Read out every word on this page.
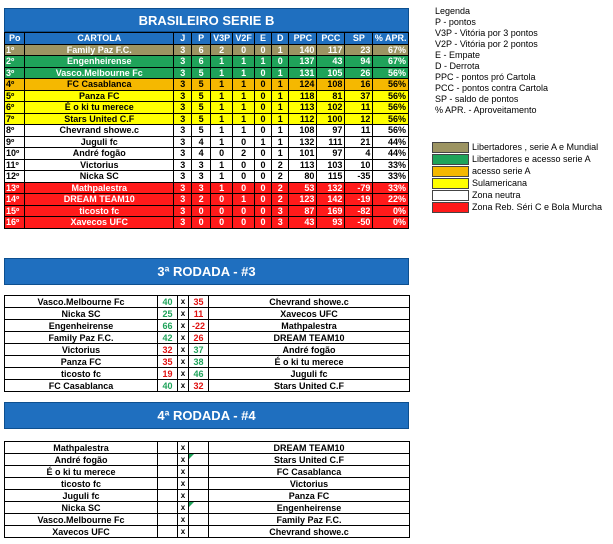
BRASILEIRO SERIE B
Po	CARTOLA	J	P	V3P	V2F	E	D	PPC	PCC	SP	% APR.
1º	Family Paz F.C.	3	6	2	0	0	1	140	117	23	67%
2º	Engenheirense	3	6	1	1	1	0	137	43	94	67%
3º	Vasco.Melbourne Fc	3	5	1	1	0	1	131	105	26	56%
4º	FC Casablanca	3	5	1	1	0	1	124	108	16	56%
5º	Panza FC	3	5	1	1	0	1	118	81	37	56%
6º	É o ki tu merece	3	5	1	1	0	1	113	102	11	56%
7º	Stars United C.F	3	5	1	1	0	1	112	100	12	56%
8º	Chevrand showe.c	3	5	1	1	0	1	108	97	11	56%
9º	Juguli fc	3	4	1	0	1	1	132	111	21	44%
10º	André fogão	3	4	0	2	0	1	101	97	4	44%
11º	Victorius	3	3	1	0	0	2	113	103	10	33%
12º	Nicka SC	3	3	1	0	0	2	80	115	-35	33%
13º	Mathpalestra	3	3	1	0	0	2	53	132	-79	33%
14º	DREAM TEAM10	3	2	0	1	0	2	123	142	-19	22%
15º	ticosto fc	3	0	0	0	0	3	87	169	-82	0%
16º	Xavecos UFC	3	0	0	0	0	3	43	93	-50	0%
Legenda
P - pontos
V3P - Vitória por 3 pontos
V2P - Vitória por 2 pontos
E - Empate
D - Derrota
PPC - pontos pró Cartola
PCC - pontos contra Cartola
SP - saldo de pontos
% APR. - Aproveitamento
Libertadores , serie A e Mundial
Libertadores e acesso serie A
acesso serie A
Sulamericana
Zona neutra
Zona Reb. Séri C e Bola Murcha
3ª RODADA - #3
Vasco.Melbourne Fc	40	x	35	Chevrand showe.c
Nicka SC	25	x	11	Xavecos UFC
Engenheirense	66	x	-22	Mathpalestra
Family Paz F.C.	42	x	26	DREAM TEAM10
Victorius	32	x	37	André fogão
Panza FC	35	x	38	É o ki tu merece
ticosto fc	19	x	46	Juguli fc
FC Casablanca	40	x	32	Stars United C.F
4ª RODADA - #4
Mathpalestra		x		DREAM TEAM10
André fogão		x		Stars United C.F
É o ki tu merece		x		FC Casablanca
ticosto fc		x		Victorius
Juguli fc		x		Panza FC
Nicka SC		x		Engenheirense
Vasco.Melbourne Fc		x		Family Paz F.C.
Xavecos UFC		x		Chevrand showe.c
